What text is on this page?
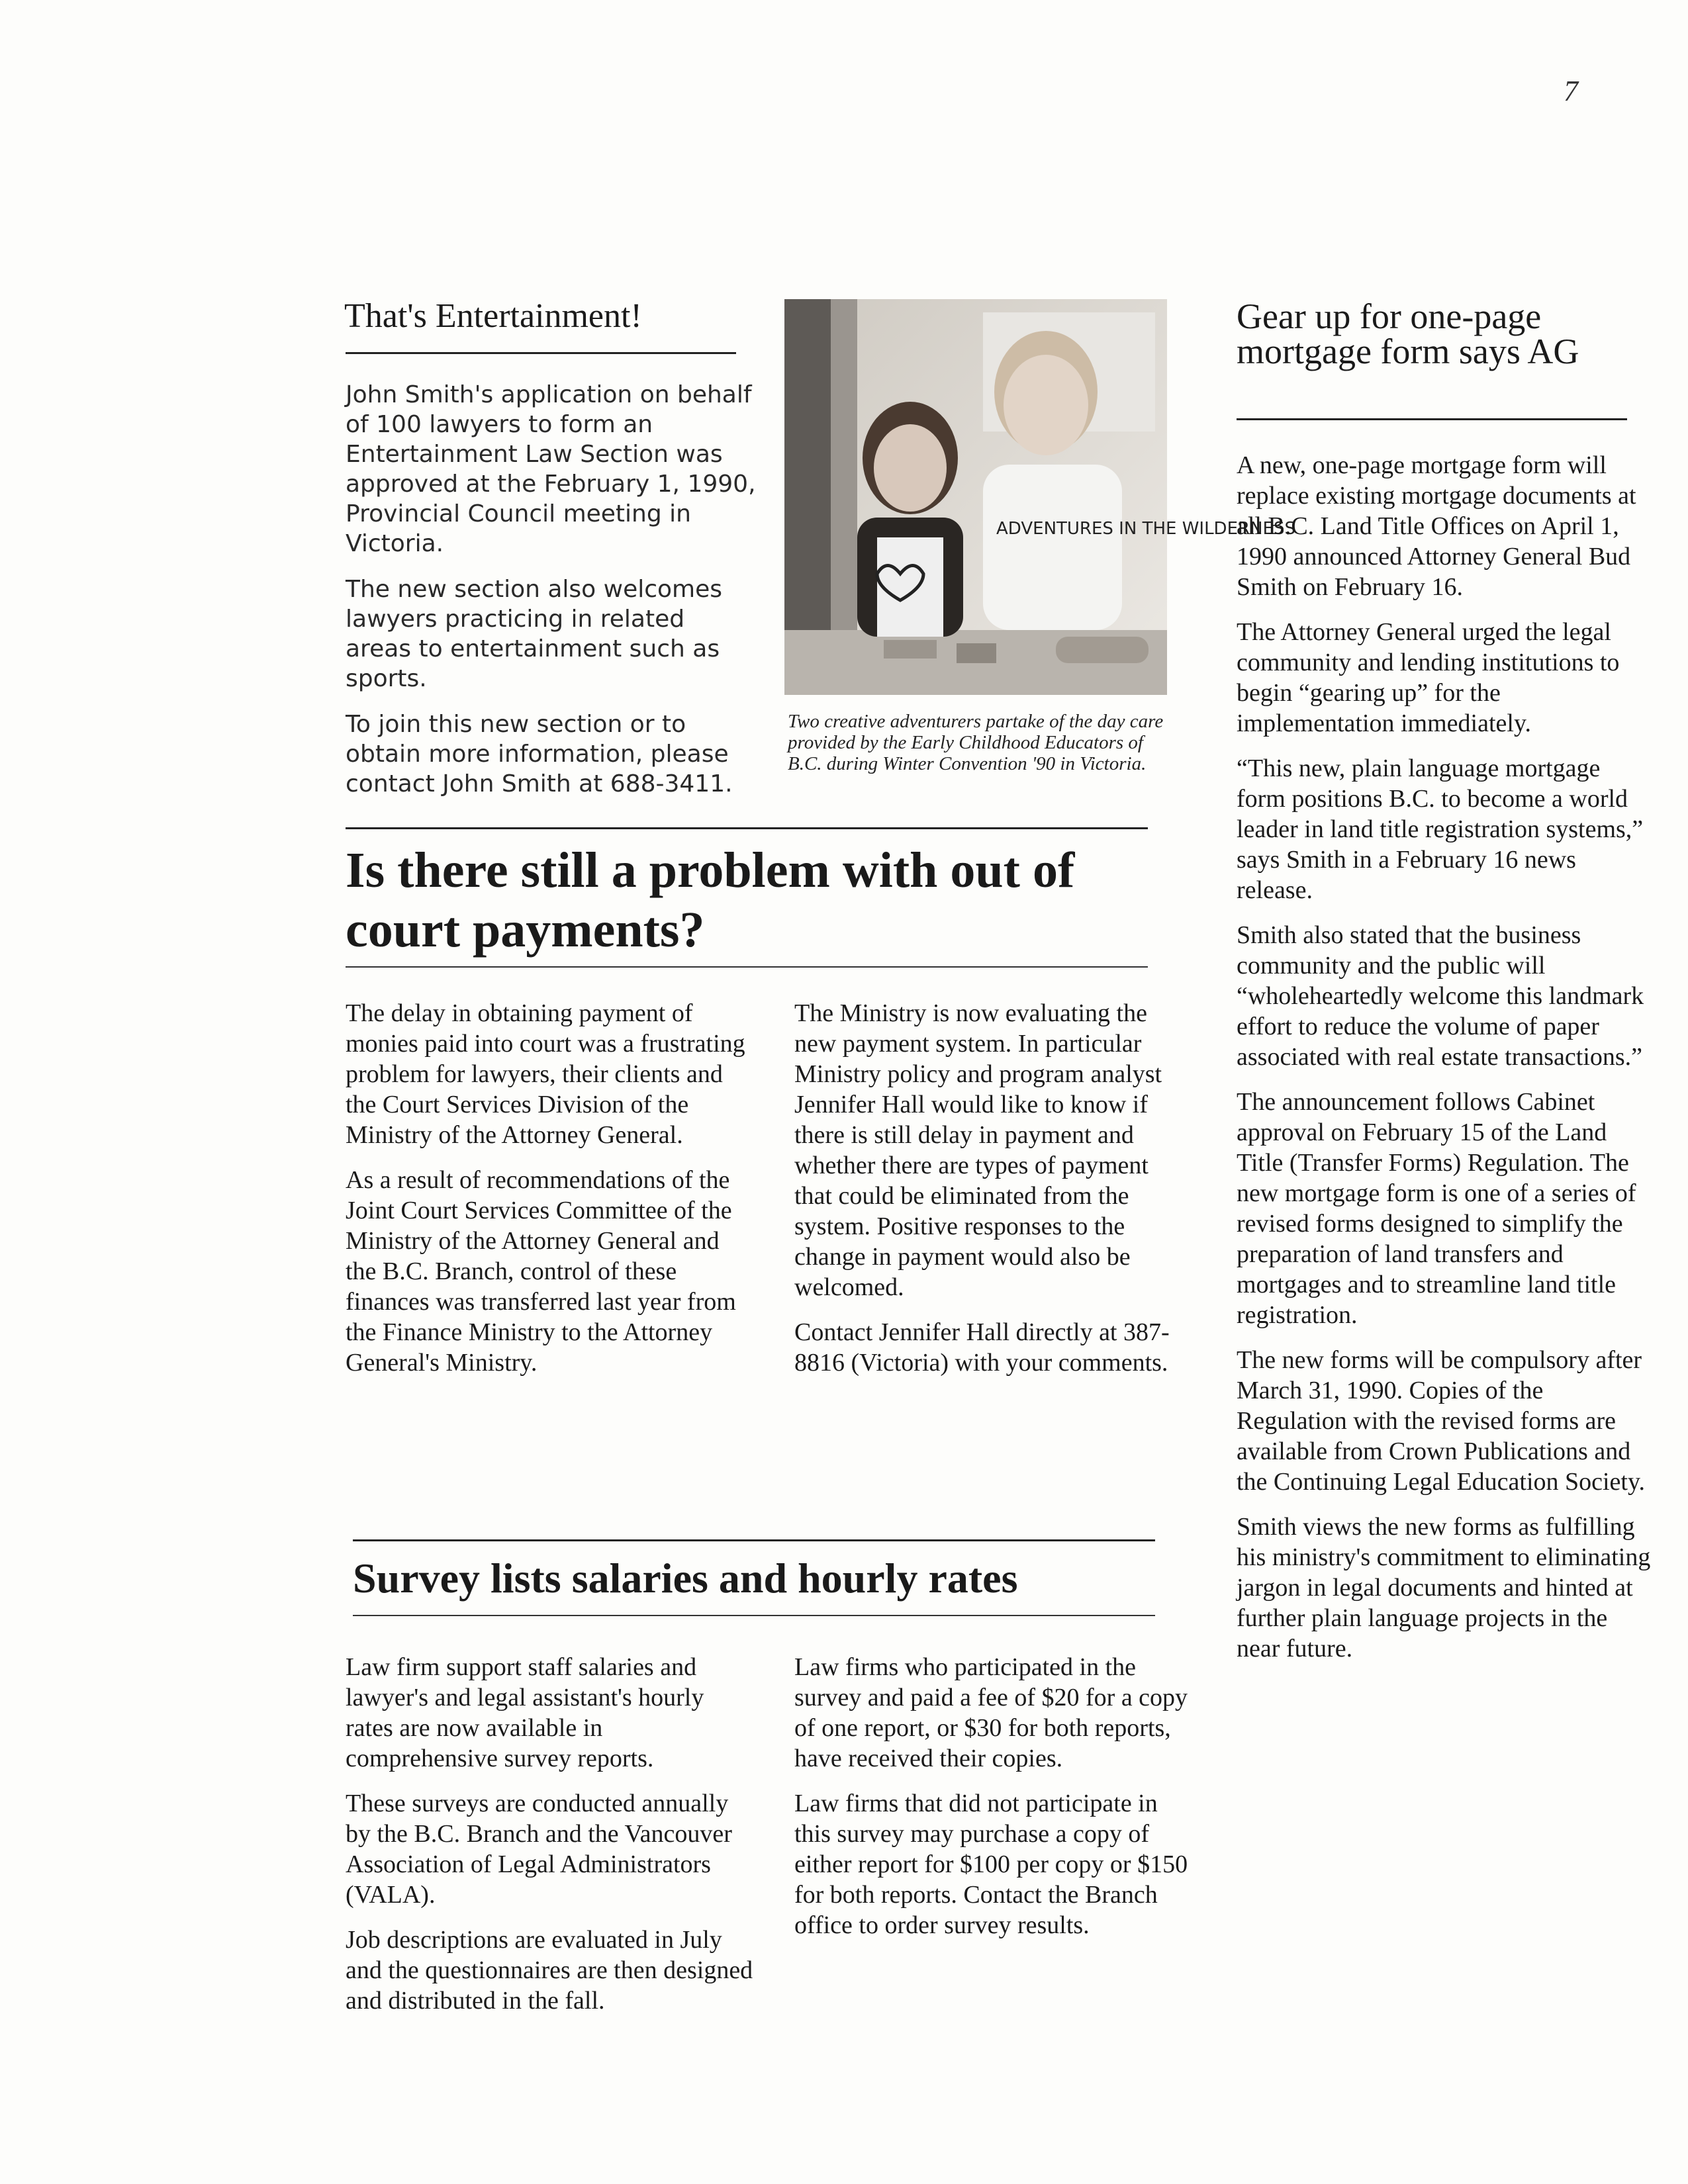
7
That's Entertainment!

John Smith's application on behalf of 100 lawyers to form an Entertainment Law Section was approved at the February 1, 1990, Provincial Council meeting in Victoria.

The new section also welcomes lawyers practicing in related areas to entertainment such as sports.

To join this new section or to obtain more information, please contact John Smith at 688-3411.

ADVENTURES IN THE WILDERNESS
Two creative adventurers partake of the day care provided by the Early Childhood Educators of B.C. during Winter Convention '90 in Victoria.
Is there still a problem with out of court payments?

The delay in obtaining payment of monies paid into court was a frustrating problem for lawyers, their clients and the Court Services Division of the Ministry of the Attorney General.

As a result of recommendations of the Joint Court Services Committee of the Ministry of the Attorney General and the B.C. Branch, control of these finances was transferred last year from the Finance Ministry to the Attorney General's Ministry.

The Ministry is now evaluating the new payment system. In particular Ministry policy and program analyst Jennifer Hall would like to know if there is still delay in payment and whether there are types of payment that could be eliminated from the system. Positive responses to the change in payment would also be welcomed.

Contact Jennifer Hall directly at 387-8816 (Victoria) with your comments.

Survey lists salaries and hourly rates

Law firm support staff salaries and lawyer's and legal assistant's hourly rates are now available in comprehensive survey reports.

These surveys are conducted annually by the B.C. Branch and the Vancouver Association of Legal Administrators (VALA).

Job descriptions are evaluated in July and the questionnaires are then designed and distributed in the fall.

Law firms who participated in the survey and paid a fee of $20 for a copy of one report, or $30 for both reports, have received their copies.

Law firms that did not participate in this survey may purchase a copy of either report for $100 per copy or $150 for both reports. Contact the Branch office to order survey results.

Gear up for one-page mortgage form says AG

A new, one-page mortgage form will replace existing mortgage documents at all B.C. Land Title Offices on April 1, 1990 announced Attorney General Bud Smith on February 16.

The Attorney General urged the legal community and lending institutions to begin “gearing up” for the implementation immediately.

“This new, plain language mortgage form positions B.C. to become a world leader in land title registration systems,” says Smith in a February 16 news release.

Smith also stated that the business community and the public will “wholeheartedly welcome this landmark effort to reduce the volume of paper associated with real estate transactions.”

The announcement follows Cabinet approval on February 15 of the Land Title (Transfer Forms) Regulation. The new mortgage form is one of a series of revised forms designed to simplify the preparation of land transfers and mortgages and to streamline land title registration.

The new forms will be compulsory after March 31, 1990. Copies of the Regulation with the revised forms are available from Crown Publications and the Continuing Legal Education Society.

Smith views the new forms as fulfilling his ministry's commitment to eliminating jargon in legal documents and hinted at further plain language projects in the near future.
